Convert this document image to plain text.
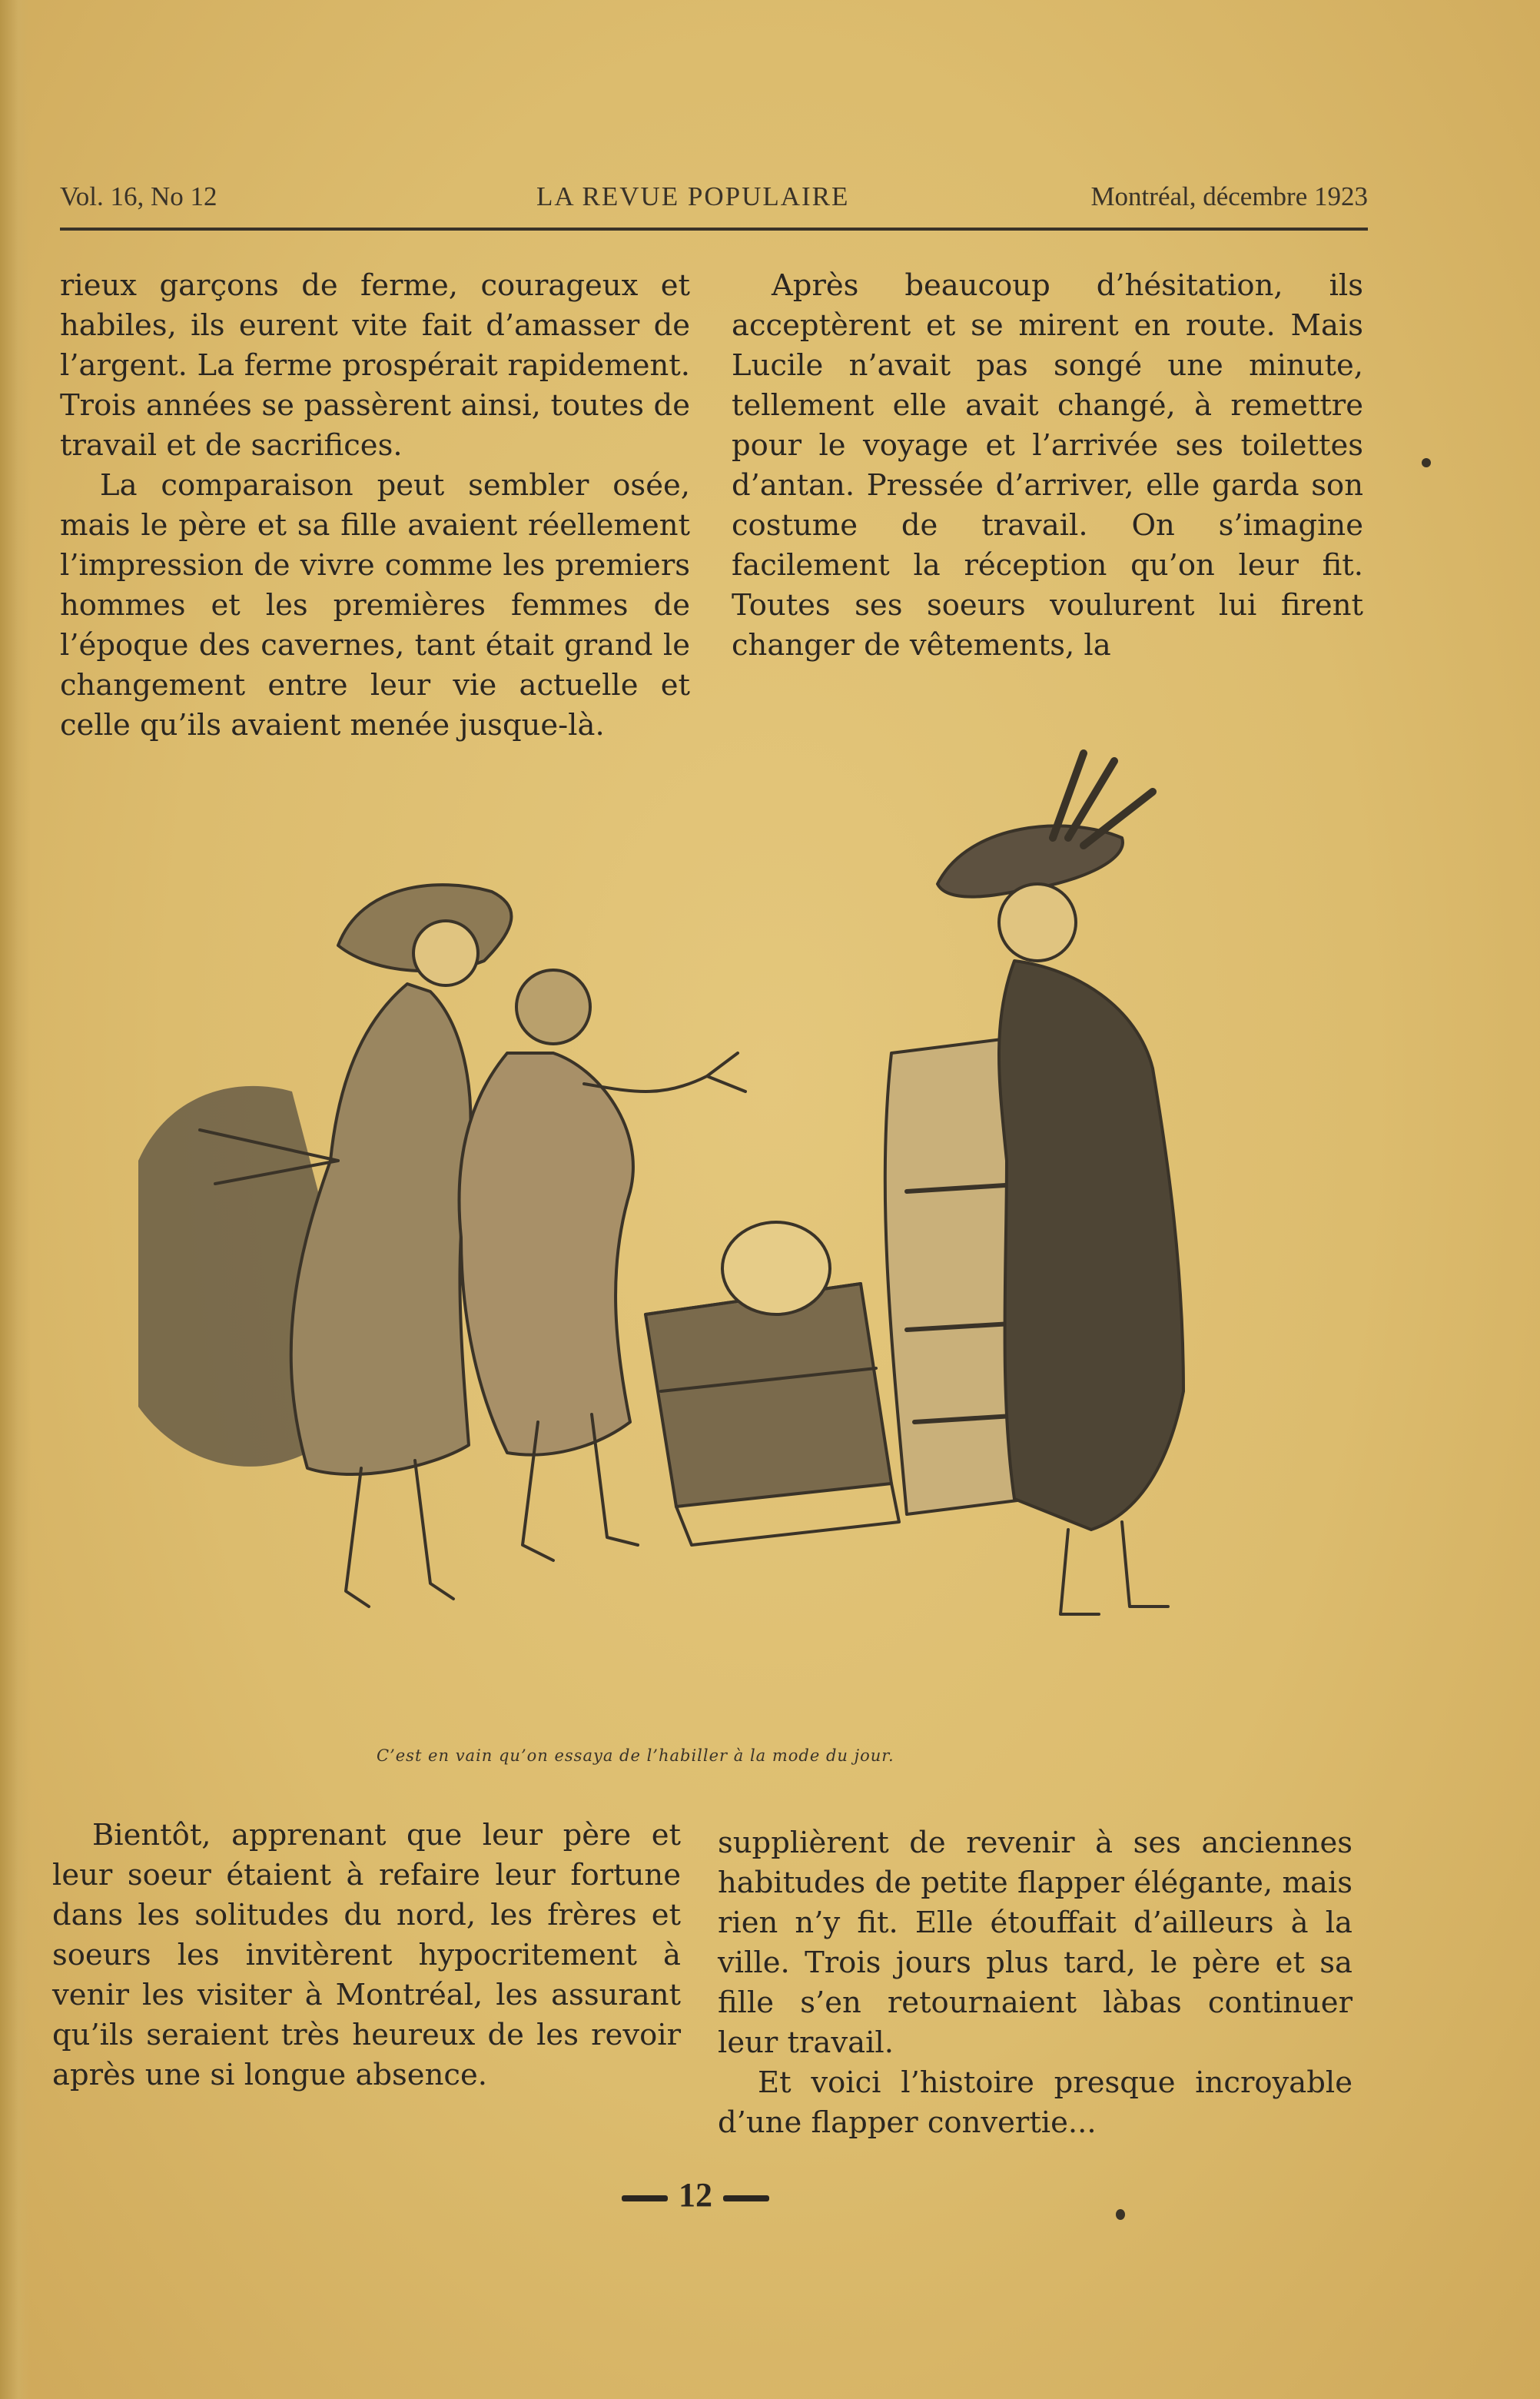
Vol. 16, No 12	LA REVUE POPULAIRE	Montréal, décembre 1923

rieux garçons de ferme, courageux et habiles, ils eurent vite fait d’amasser de l’argent. La ferme prospérait rapidement. Trois années se passèrent ainsi, toutes de travail et de sacrifices.

La comparaison peut sembler osée, mais le père et sa fille avaient réellement l’impression de vivre comme les premiers hommes et les premières femmes de l’époque des cavernes, tant était grand le changement entre leur vie actuelle et celle qu’ils avaient menée jusque-là.

Après beaucoup d’hésitation, ils acceptèrent et se mirent en route. Mais Lucile n’avait pas songé une minute, tellement elle avait changé, à remettre pour le voyage et l’arrivée ses toilettes d’antan. Pressée d’arriver, elle garda son costume de travail. On s’imagine facilement la réception qu’on leur fit. Toutes ses soeurs voulurent lui firent changer de vêtements, la

C’est en vain qu’on essaya de l’habiller à la mode du jour.

Bientôt, apprenant que leur père et leur soeur étaient à refaire leur fortune dans les solitudes du nord, les frères et soeurs les invitèrent hypocritement à venir les visiter à Montréal, les assurant qu’ils seraient très heureux de les revoir après une si longue absence.

supplièrent de revenir à ses anciennes habitudes de petite flapper élégante, mais rien n’y fit. Elle étouffait d’ailleurs à la ville. Trois jours plus tard, le père et sa fille s’en retournaient làbas continuer leur travail.

Et voici l’histoire presque incroyable d’une flapper convertie...

12
